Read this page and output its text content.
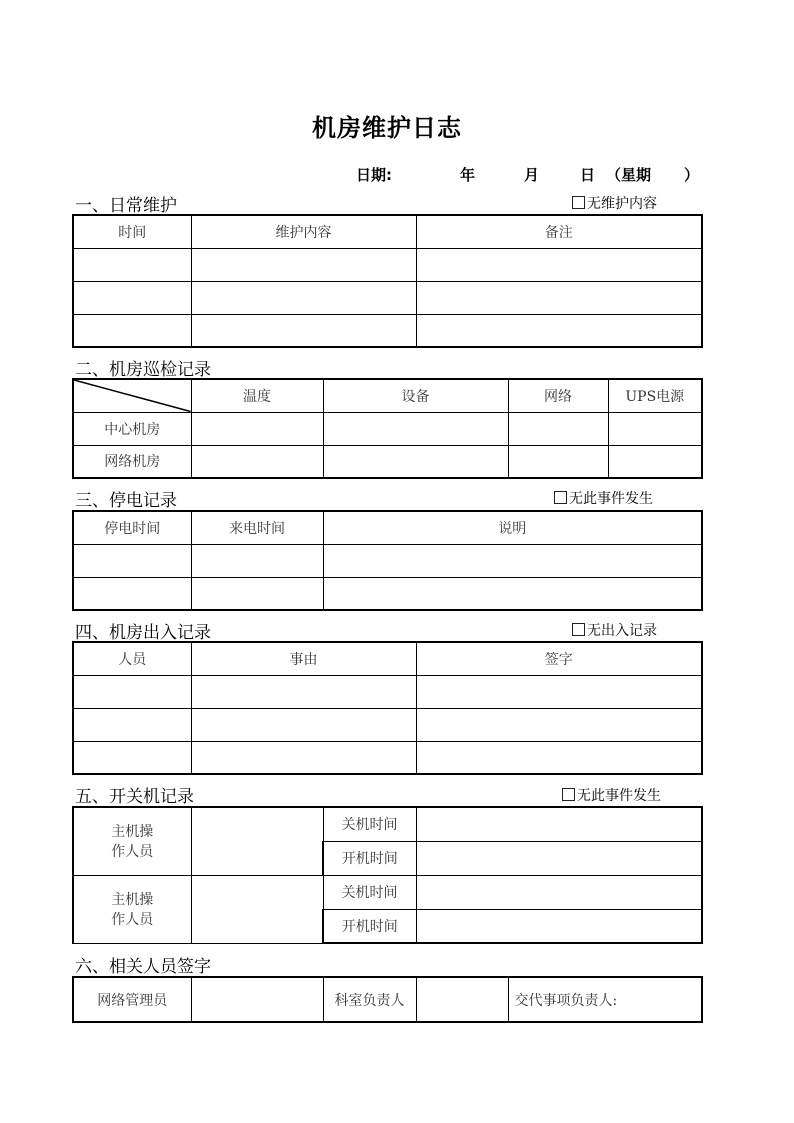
机房维护日志
日期:	年	月	日 （星期 ）
一、日常维护	无维护内容
时间	维护内容	备注

二、机房巡检记录
	温度	设备	网络	UPS电源
中心机房				
网络机房				
三、停电记录	无此事件发生
停电时间	来电时间	说明

四、机房出入记录	无出入记录
人员	事由	签字

五、开关机记录	无此事件发生
主机操
作人员		关机时间	
		开机时间	

主机操
作人员		关机时间	
		开机时间	
六、相关人员签字
网络管理员		科室负责人		交代事项负责人:
